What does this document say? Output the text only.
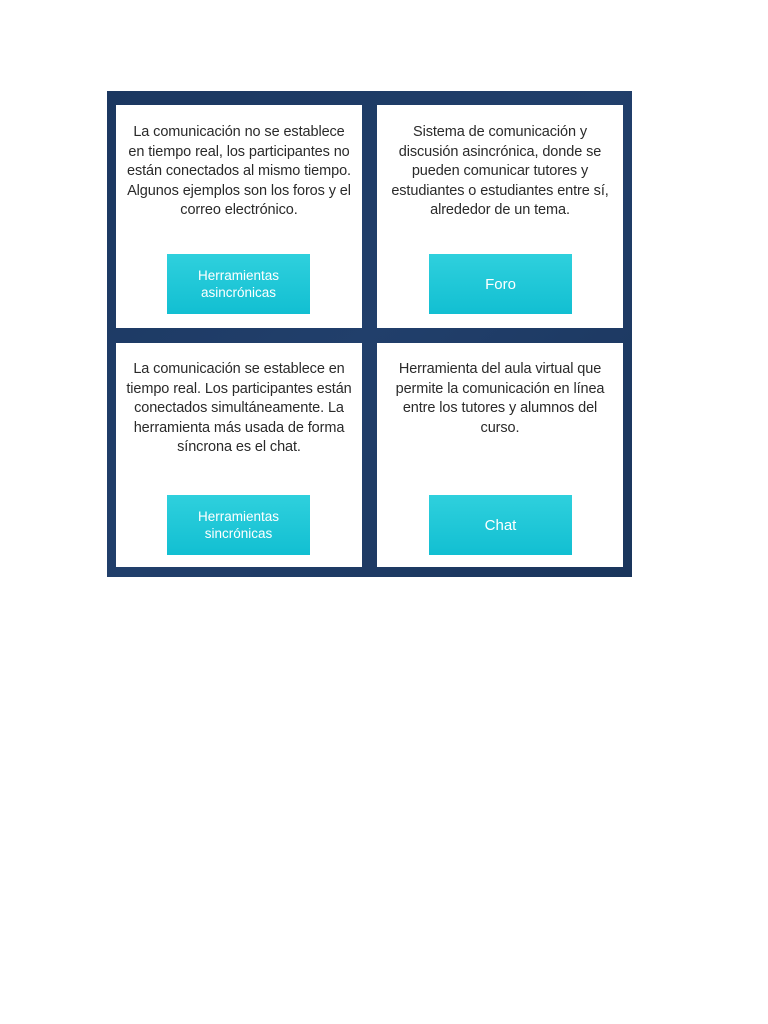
La comunicación no se establece en tiempo real, los participantes no están conectados al mismo tiempo. Algunos ejemplos son los foros y el correo electrónico.
Herramientas asincrónicas
Sistema de comunicación y discusión asincrónica, donde se pueden comunicar tutores y estudiantes o estudiantes entre sí, alrededor de un tema.
Foro
La comunicación se establece en tiempo real. Los participantes están conectados simultáneamente. La herramienta más usada de forma síncrona es el chat.
Herramientas sincrónicas
Herramienta del aula virtual que permite la comunicación en línea entre los tutores y alumnos del curso.
Chat
